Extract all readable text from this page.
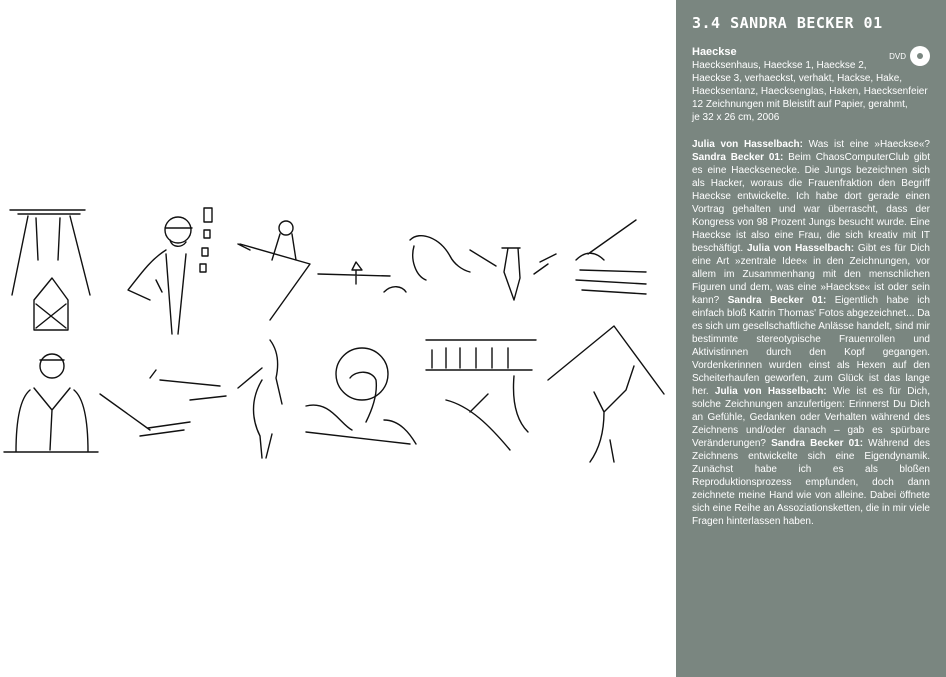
3.4 SANDRA BECKER 01
Haeckse	DVD
Haecksenhaus, Haeckse 1, Haeckse 2,
Haeckse 3, verhaeckst, verhakt, Hackse, Hake,
Haecksentanz, Haecksenglas, Haken, Haecksenfeier
12 Zeichnungen mit Bleistift auf Papier, gerahmt,
je 32 x 26 cm, 2006
Julia von Hasselbach: Was ist eine »Haeckse«? Sandra Becker 01: Beim ChaosComputerClub gibt es eine Haecksenecke. Die Jungs bezeichnen sich als Hacker, woraus die Frauenfraktion den Begriff Haeckse entwickelte. Ich habe dort gerade einen Vortrag gehalten und war überrascht, dass der Kongress von 98 Prozent Jungs besucht wurde. Eine Haeckse ist also eine Frau, die sich kreativ mit IT beschäftigt. Julia von Hasselbach: Gibt es für Dich eine Art »zentrale Idee« in den Zeichnungen, vor allem im Zusammenhang mit den menschlichen Figuren und dem, was eine »Haeckse« ist oder sein kann? Sandra Becker 01: Eigentlich habe ich einfach bloß Katrin Thomas' Fotos abgezeichnet... Da es sich um gesellschaftliche Anlässe handelt, sind mir bestimmte stereotypische Frauenrollen und Aktivistinnen durch den Kopf gegangen. Vordenkerinnen wurden einst als Hexen auf den Scheiterhaufen geworfen, zum Glück ist das lange her. Julia von Hasselbach: Wie ist es für Dich, solche Zeichnungen anzufertigen: Erinnerst Du Dich an Gefühle, Gedanken oder Verhalten während des Zeichnens und/oder danach – gab es spürbare Veränderungen? Sandra Becker 01: Während des Zeichnens entwickelte sich eine Eigendynamik. Zunächst habe ich es als bloßen Reproduktionsprozess empfunden, doch dann zeichnete meine Hand wie von alleine. Dabei öffnete sich eine Reihe an Assoziationsketten, die in mir viele Fragen hinterlassen haben.
